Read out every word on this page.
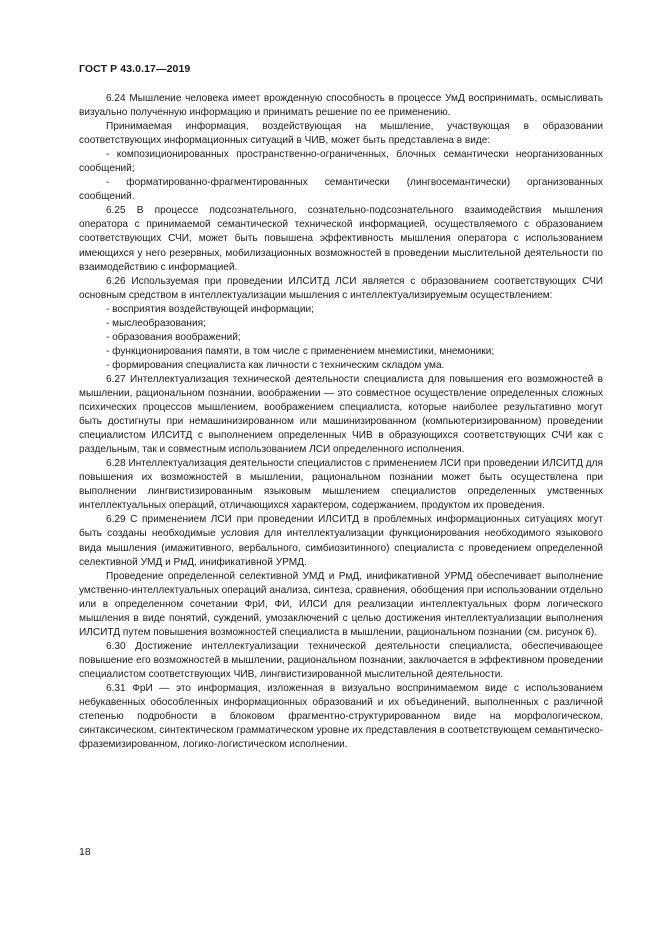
ГОСТ Р 43.0.17—2019

6.24 Мышление человека имеет врожденную способность в процессе УмД воспринимать, осмысливать визуально полученную информацию и принимать решение по ее применению.

Принимаемая информация, воздействующая на мышление, участвующая в образовании соответствующих информационных ситуаций в ЧИВ, может быть представлена в виде:

- композиционированных пространственно-ограниченных, блочных семантически неорганизованных сообщений;

- форматированно-фрагментированных семантически (лингвосемантически) организованных сообщений.

6.25 В процессе подсознательного, сознательно-подсознательного взаимодействия мышления оператора с принимаемой семантической технической информацией, осуществляемого с образованием соответствующих СЧИ, может быть повышена эффективность мышления оператора с использованием имеющихся у него резервных, мобилизационных возможностей в проведении мыслительной деятельности по взаимодействию с информацией.

6.26 Используемая при проведении ИЛСИТД ЛСИ является с образованием соответствующих СЧИ основным средством в интеллектуализации мышления с интеллектуализируемым осуществлением:

- восприятия воздействующей информации;

- мыслеобразования;

- образования воображений;

- функционирования памяти, в том числе с применением мнемистики, мнемоники;

- формирования специалиста как личности с техническим складом ума.

6.27 Интеллектуализация технической деятельности специалиста для повышения его возможностей в мышлении, рациональном познании, воображении — это совместное осуществление определенных сложных психических процессов мышлением, воображением специалиста, которые наиболее результативно могут быть достигнуты при немашинизированном или машинизированном (компьютеризированном) проведении специалистом ИЛСИТД с выполнением определенных ЧИВ в образующихся соответствующих СЧИ как с раздельным, так и совместным использованием ЛСИ определенного исполнения.

6.28 Интеллектуализация деятельности специалистов с применением ЛСИ при проведении ИЛСИТД для повышения их возможностей в мышлении, рациональном познании может быть осуществлена при выполнении лингвистизированным языковым мышлением специалистов определенных умственных интеллектуальных операций, отличающихся характером, содержанием, продуктом их проведения.

6.29 С применением ЛСИ при проведении ИЛСИТД в проблемных информационных ситуациях могут быть созданы необходимые условия для интеллектуализации функционирования необходимого языкового вида мышления (имажитивного, вербального, симбиозитинного) специалиста с проведением определенной селективной УМД и РмД, инификативной УРМД.

Проведение определенной селективной УМД и РмД, инификативной УРМД обеспечивает выполнение умственно-интеллектуальных операций анализа, синтеза, сравнения, обобщения при использовании отдельно или в определенном сочетании ФрИ, ФИ, ИЛСИ для реализации интеллектуальных форм логического мышления в виде понятий, суждений, умозаключений с целью достижения интеллектуализации выполнения ИЛСИТД путем повышения возможностей специалиста в мышлении, рациональном познании (см. рисунок 6).

6.30 Достижение интеллектуализации технической деятельности специалиста, обеспечивающее повышение его возможностей в мышлении, рациональном познании, заключается в эффективном проведении специалистом соответствующих ЧИВ, лингвистизированной мыслительной деятельности.

6.31 ФрИ — это информация, изложенная в визуально воспринимаемом виде с использованием небукавенных обособленных информационных образований и их объединений, выполненных с различной степенью подробности в блоковом фрагментно-структурированном виде на морфологическом, синтаксическом, синтектическом грамматическом уровне их представления в соответствующем семантическо-фраземизированном, логико-логистическом исполнении.

18
